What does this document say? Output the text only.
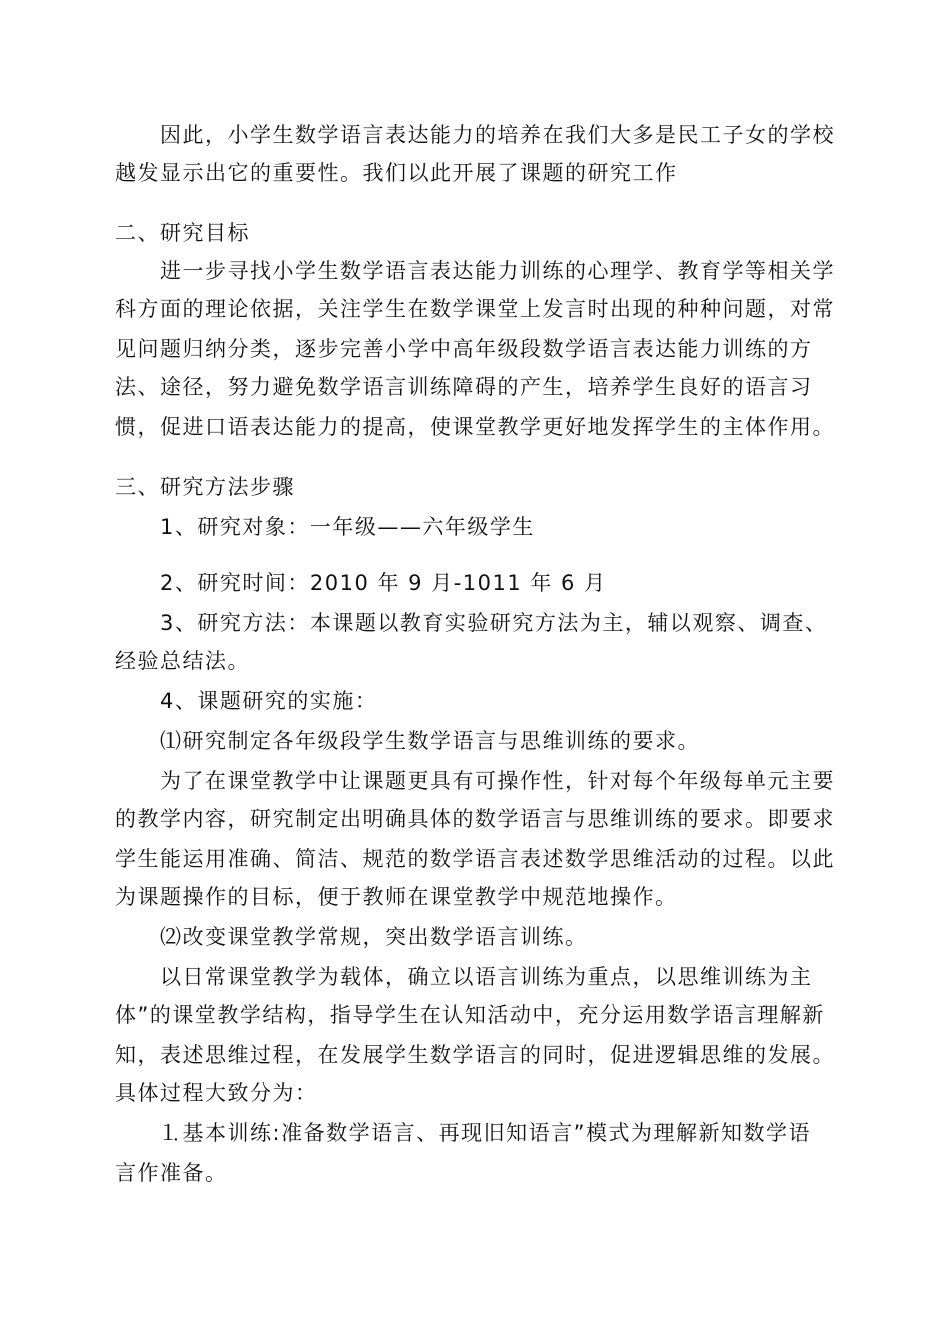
因此，小学生数学语言表达能力的培养在我们大多是民工子女的学校
越发显示出它的重要性。我们以此开展了课题的研究工作
二、研究目标
进一步寻找小学生数学语言表达能力训练的心理学、教育学等相关学
科方面的理论依据，关注学生在数学课堂上发言时出现的种种问题，对常
见问题归纳分类，逐步完善小学中高年级段数学语言表达能力训练的方
法、途径，努力避免数学语言训练障碍的产生，培养学生良好的语言习
惯，促进口语表达能力的提高，使课堂教学更好地发挥学生的主体作用。
三、研究方法步骤
1、研究对象：一年级——六年级学生
2、研究时间：2010 年 9 月-1011 年 6 月
3、研究方法：本课题以教育实验研究方法为主，辅以观察、调查、
经验总结法。
4、课题研究的实施：
⑴研究制定各年级段学生数学语言与思维训练的要求。
为了在课堂教学中让课题更具有可操作性，针对每个年级每单元主要
的教学内容，研究制定出明确具体的数学语言与思维训练的要求。即要求
学生能运用准确、简洁、规范的数学语言表述数学思维活动的过程。以此
为课题操作的目标，便于教师在课堂教学中规范地操作。
⑵改变课堂教学常规，突出数学语言训练。
以日常课堂教学为载体，确立以语言训练为重点，以思维训练为主
体”的课堂教学结构，指导学生在认知活动中，充分运用数学语言理解新
知，表述思维过程，在发展学生数学语言的同时，促进逻辑思维的发展。
具体过程大致分为：
⒈基本训练:准备数学语言、再现旧知语言”模式为理解新知数学语
言作准备。
